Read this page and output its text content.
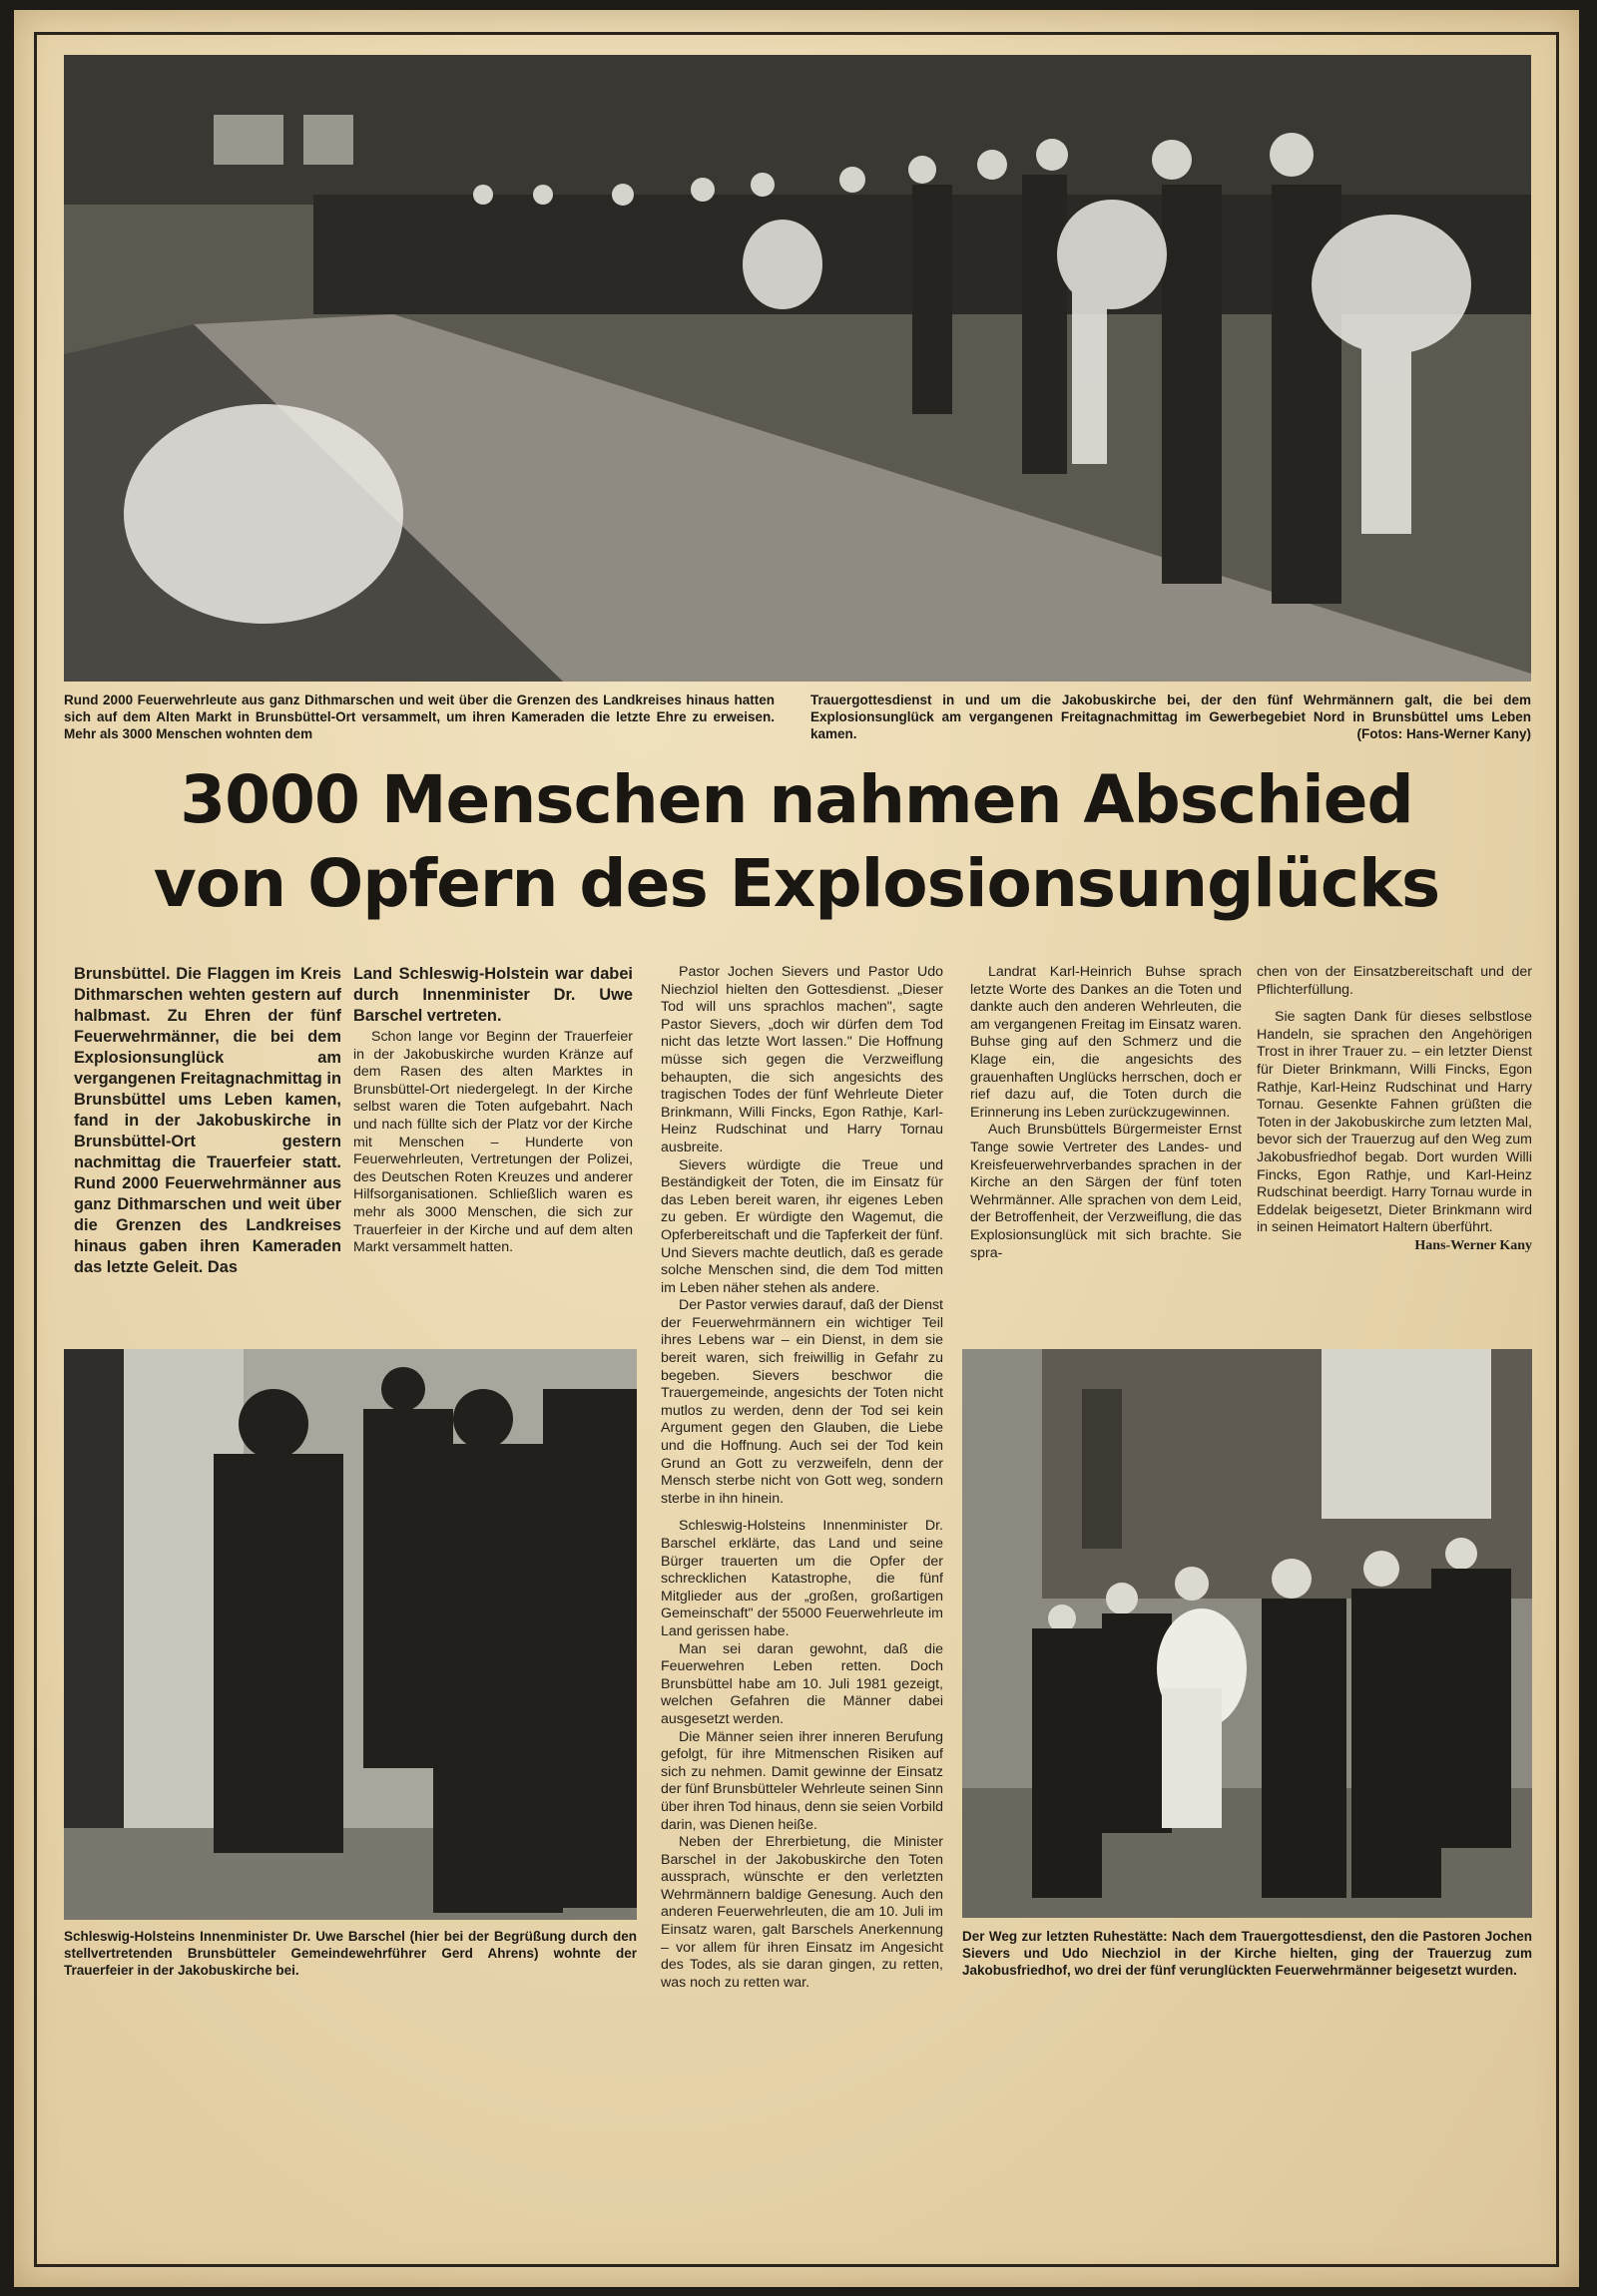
Rund 2000 Feuerwehrleute aus ganz Dithmarschen und weit über die Grenzen des Landkreises hinaus hatten sich auf dem Alten Markt in Brunsbüttel-Ort versammelt, um ihren Kameraden die letzte Ehre zu erweisen. Mehr als 3000 Menschen wohnten dem

Trauergottesdienst in und um die Jakobuskirche bei, der den fünf Wehrmännern galt, die bei dem Explosionsunglück am vergangenen Freitagnachmittag im Gewerbegebiet Nord in Brunsbüttel ums Leben kamen.	(Fotos: Hans-Werner Kany)

3000 Menschen nahmen Abschied
von Opfern des Explosionsunglücks

Brunsbüttel. Die Flaggen im Kreis Dithmarschen wehten gestern auf halbmast. Zu Ehren der fünf Feuerwehrmänner, die bei dem Explosionsunglück am vergangenen Freitagnachmittag in Brunsbüttel ums Leben kamen, fand in der Jakobuskirche in Brunsbüttel-Ort gestern nachmittag die Trauerfeier statt. Rund 2000 Feuerwehrmänner aus ganz Dithmarschen und weit über die Grenzen des Landkreises hinaus gaben ihren Kameraden das letzte Geleit. Das

Land Schleswig-Holstein war dabei durch Innenminister Dr. Uwe Barschel vertreten.

Schon lange vor Beginn der Trauerfeier in der Jakobuskirche wurden Kränze auf dem Rasen des alten Marktes in Brunsbüttel-Ort niedergelegt. In der Kirche selbst waren die Toten aufgebahrt. Nach und nach füllte sich der Platz vor der Kirche mit Menschen – Hunderte von Feuerwehrleuten, Vertretungen der Polizei, des Deutschen Roten Kreuzes und anderer Hilfsorganisationen. Schließlich waren es mehr als 3000 Menschen, die sich zur Trauerfeier in der Kirche und auf dem alten Markt versammelt hatten.

Pastor Jochen Sievers und Pastor Udo Niechziol hielten den Gottesdienst. „Dieser Tod will uns sprachlos machen", sagte Pastor Sievers, „doch wir dürfen dem Tod nicht das letzte Wort lassen." Die Hoffnung müsse sich gegen die Verzweiflung behaupten, die sich angesichts des tragischen Todes der fünf Wehrleute Dieter Brinkmann, Willi Fincks, Egon Rathje, Karl-Heinz Rudschinat und Harry Tornau ausbreite.

Sievers würdigte die Treue und Beständigkeit der Toten, die im Einsatz für das Leben bereit waren, ihr eigenes Leben zu geben. Er würdigte den Wagemut, die Opferbereitschaft und die Tapferkeit der fünf. Und Sievers machte deutlich, daß es gerade solche Menschen sind, die dem Tod mitten im Leben näher stehen als andere.

Der Pastor verwies darauf, daß der Dienst der Feuerwehrmännern ein wichtiger Teil ihres Lebens war – ein Dienst, in dem sie bereit waren, sich freiwillig in Gefahr zu begeben. Sievers beschwor die Trauergemeinde, angesichts der Toten nicht mutlos zu werden, denn der Tod sei kein Argument gegen den Glauben, die Liebe und die Hoffnung. Auch sei der Tod kein Grund an Gott zu verzweifeln, denn der Mensch sterbe nicht von Gott weg, sondern sterbe in ihn hinein.

Schleswig-Holsteins Innenminister Dr. Barschel erklärte, das Land und seine Bürger trauerten um die Opfer der schrecklichen Katastrophe, die fünf Mitglieder aus der „großen, großartigen Gemeinschaft" der 55000 Feuerwehrleute im Land gerissen habe.

Man sei daran gewohnt, daß die Feuerwehren Leben retten. Doch Brunsbüttel habe am 10. Juli 1981 gezeigt, welchen Gefahren die Männer dabei ausgesetzt werden.

Die Männer seien ihrer inneren Berufung gefolgt, für ihre Mitmenschen Risiken auf sich zu nehmen. Damit gewinne der Einsatz der fünf Brunsbütteler Wehrleute seinen Sinn über ihren Tod hinaus, denn sie seien Vorbild darin, was Dienen heiße.

Neben der Ehrerbietung, die Minister Barschel in der Jakobuskirche den Toten aussprach, wünschte er den verletzten Wehrmännern baldige Genesung. Auch den anderen Feuerwehrleuten, die am 10. Juli im Einsatz waren, galt Barschels Anerkennung – vor allem für ihren Einsatz im Angesicht des Todes, als sie daran gingen, zu retten, was noch zu retten war.

Landrat Karl-Heinrich Buhse sprach letzte Worte des Dankes an die Toten und dankte auch den anderen Wehrleuten, die am vergangenen Freitag im Einsatz waren. Buhse ging auf den Schmerz und die Klage ein, die angesichts des grauenhaften Unglücks herrschen, doch er rief dazu auf, die Toten durch die Erinnerung ins Leben zurückzugewinnen.

Auch Brunsbüttels Bürgermeister Ernst Tange sowie Vertreter des Landes- und Kreisfeuerwehrverbandes sprachen in der Kirche an den Särgen der fünf toten Wehrmänner. Alle sprachen von dem Leid, der Betroffenheit, der Verzweiflung, die das Explosionsunglück mit sich brachte. Sie spra-

chen von der Einsatzbereitschaft und der Pflichterfüllung.

Sie sagten Dank für dieses selbstlose Handeln, sie sprachen den Angehörigen Trost in ihrer Trauer zu. – ein letzter Dienst für Dieter Brinkmann, Willi Fincks, Egon Rathje, Karl-Heinz Rudschinat und Harry Tornau. Gesenkte Fahnen grüßten die Toten in der Jakobuskirche zum letzten Mal, bevor sich der Trauerzug auf den Weg zum Jakobusfriedhof begab. Dort wurden Willi Fincks, Egon Rathje, und Karl-Heinz Rudschinat beerdigt. Harry Tornau wurde in Eddelak beigesetzt, Dieter Brinkmann wird in seinen Heimatort Haltern überführt.

Hans-Werner Kany

Schleswig-Holsteins Innenminister Dr. Uwe Barschel (hier bei der Begrüßung durch den stellvertretenden Brunsbütteler Gemeindewehrführer Gerd Ahrens) wohnte der Trauerfeier in der Jakobuskirche bei.

Der Weg zur letzten Ruhestätte: Nach dem Trauergottesdienst, den die Pastoren Jochen Sievers und Udo Niechziol in der Kirche hielten, ging der Trauerzug zum Jakobusfriedhof, wo drei der fünf verunglückten Feuerwehrmänner beigesetzt wurden.
